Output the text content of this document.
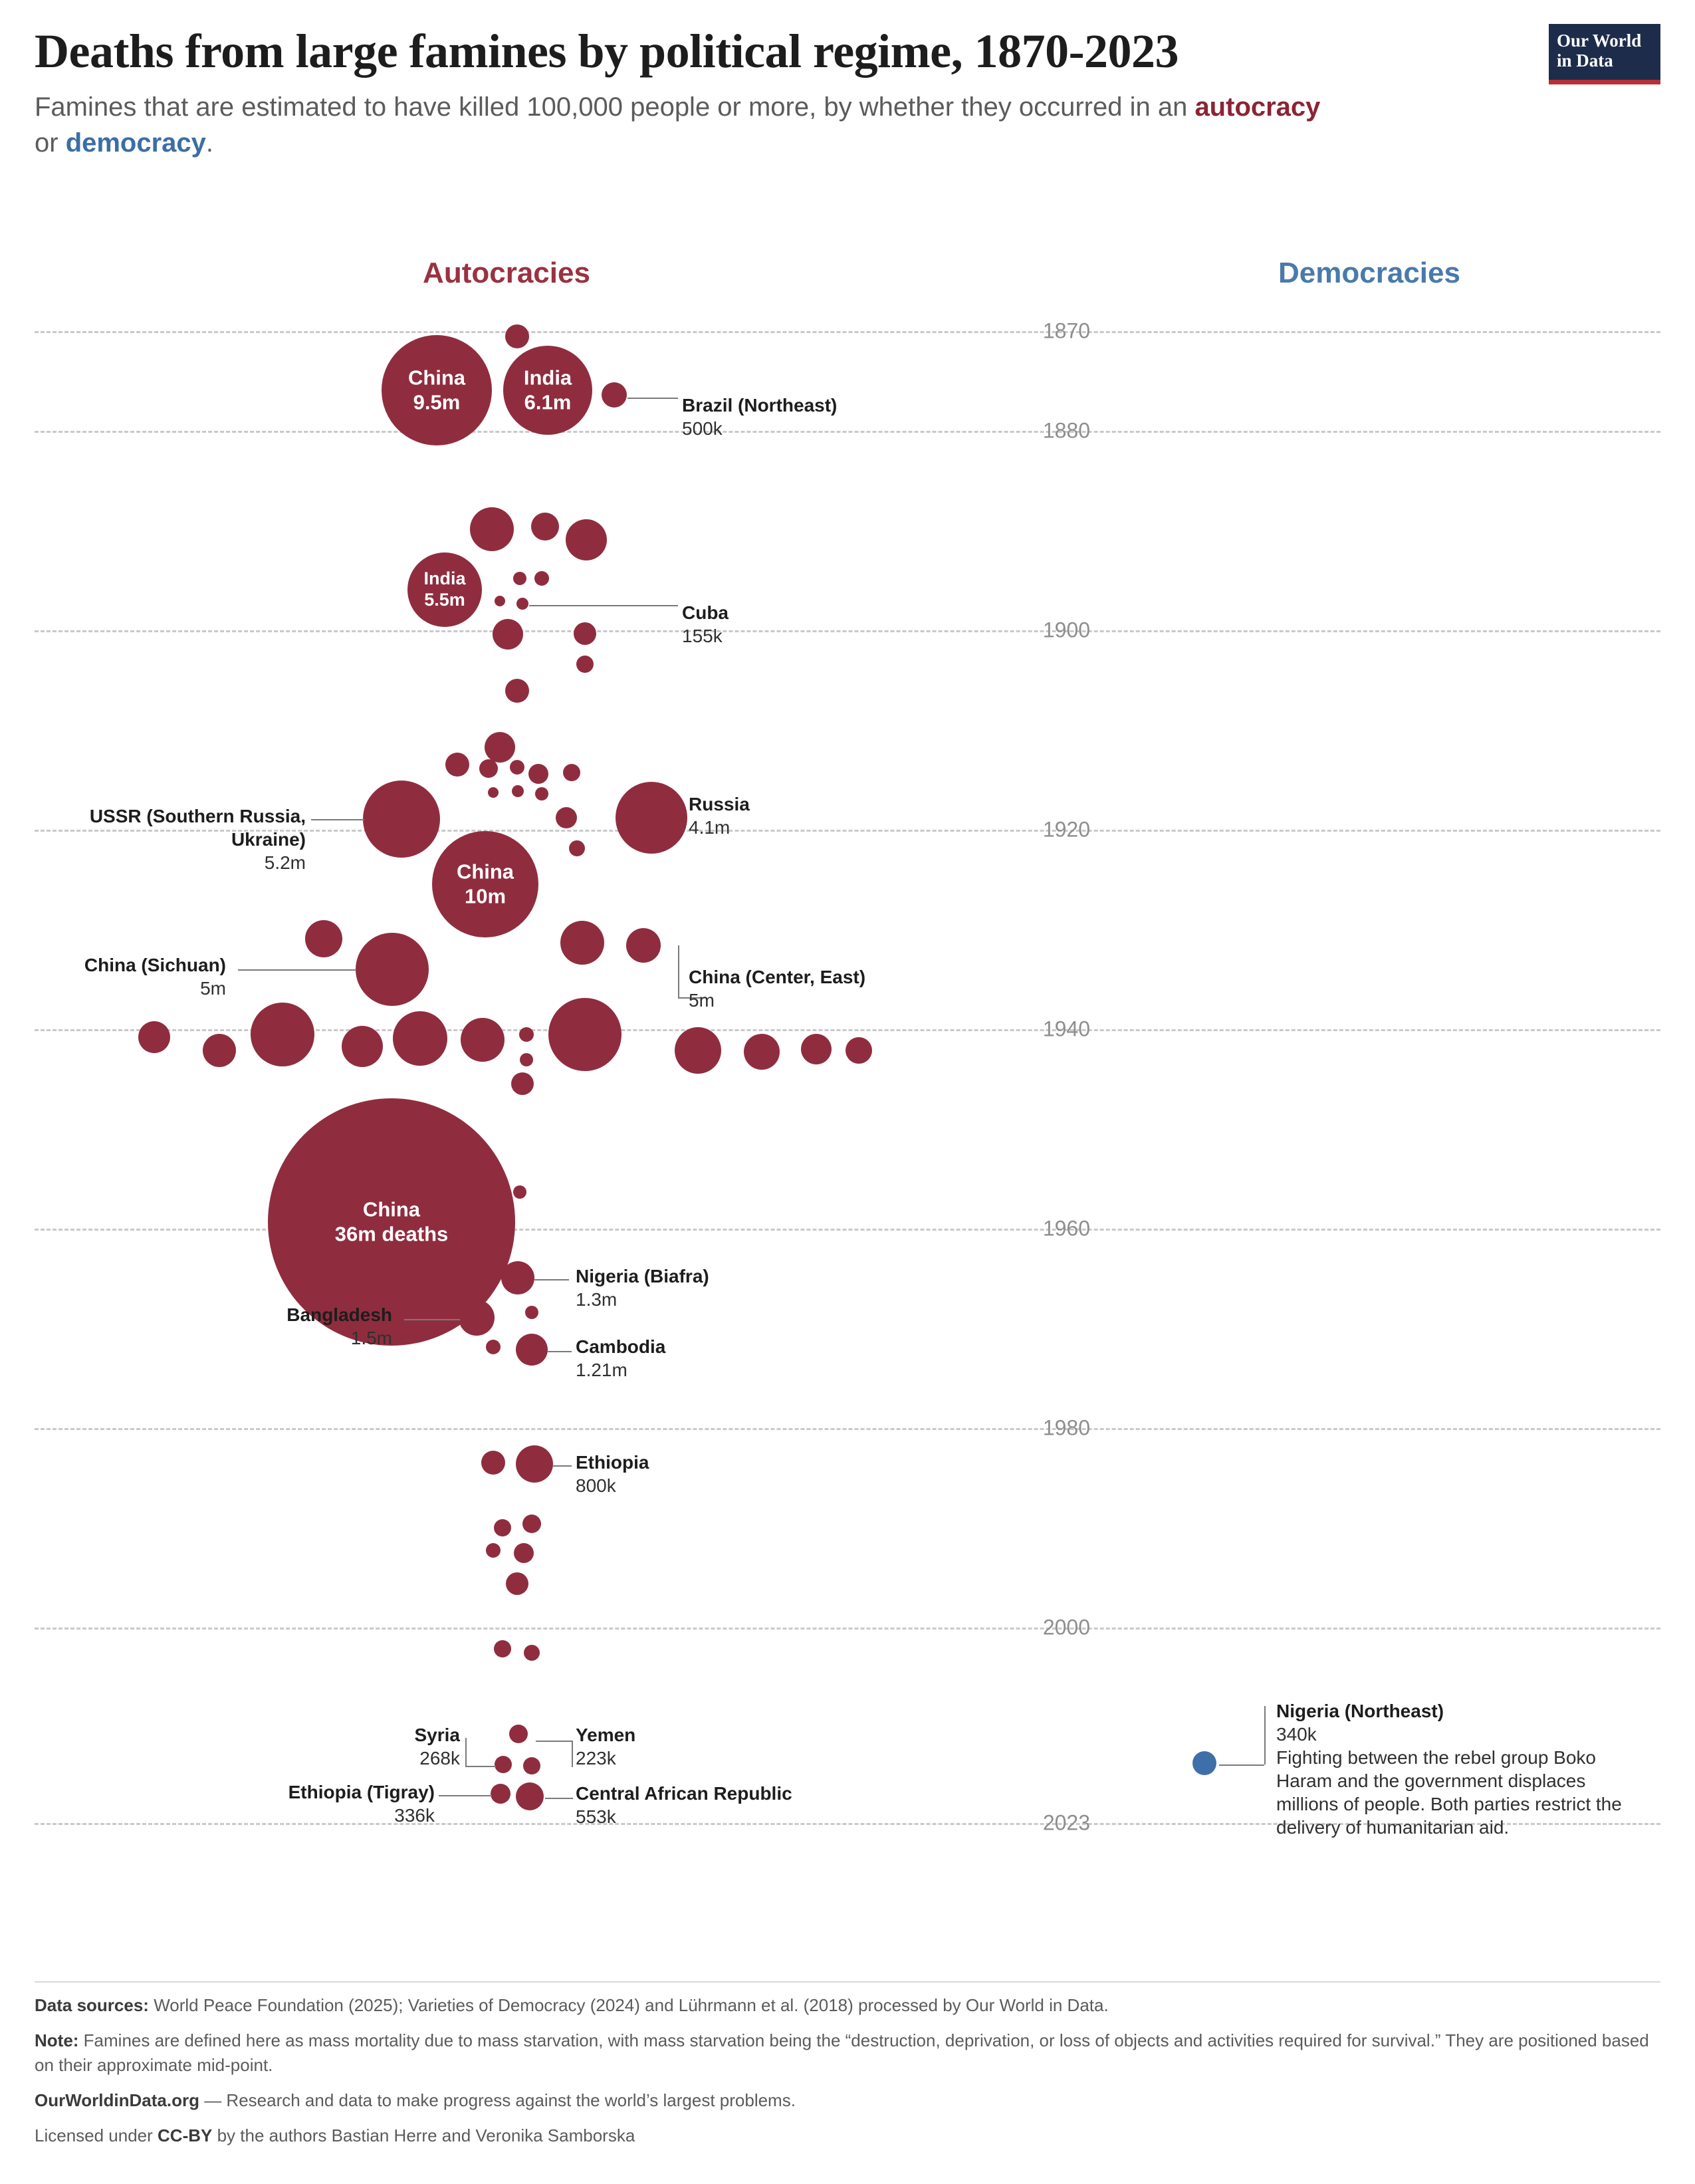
Deaths from large famines by political regime, 1870-2023

Famines that are estimated to have killed 100,000 people or more, by whether they occurred in an autocracy or democracy.

Our World
in Data
Autocracies	Democracies
1870
1880
1900
1920
1940
1960
1980
2000
2023
China
9.5m
India
6.1m	Brazil (Northeast)
500k
India
5.5m
Cuba
155k
USSR (Southern Russia, Ukraine)
5.2m
Russia
4.1m
China
10m
China (Sichuan)
5m
China (Center, East)
5m
China
36m deaths
Nigeria (Biafra)
1.3m
Bangladesh
1.5m	Cambodia
1.21m
Ethiopia
800k
Syria
268k
Yemen
223k
Ethiopia (Tigray)
336k
Central African Republic
553k
Nigeria (Northeast)
340k
Fighting between the rebel group Boko Haram and the government displaces millions of people. Both parties restrict the delivery of humanitarian aid.

Data sources: World Peace Foundation (2025); Varieties of Democracy (2024) and Lührmann et al. (2018) processed by Our World in Data.

Note: Famines are defined here as mass mortality due to mass starvation, with mass starvation being the “destruction, deprivation, or loss of objects and activities required for survival.” They are positioned based on their approximate mid-point.

OurWorldinData.org — Research and data to make progress against the world’s largest problems.

Licensed under CC-BY by the authors Bastian Herre and Veronika Samborska
